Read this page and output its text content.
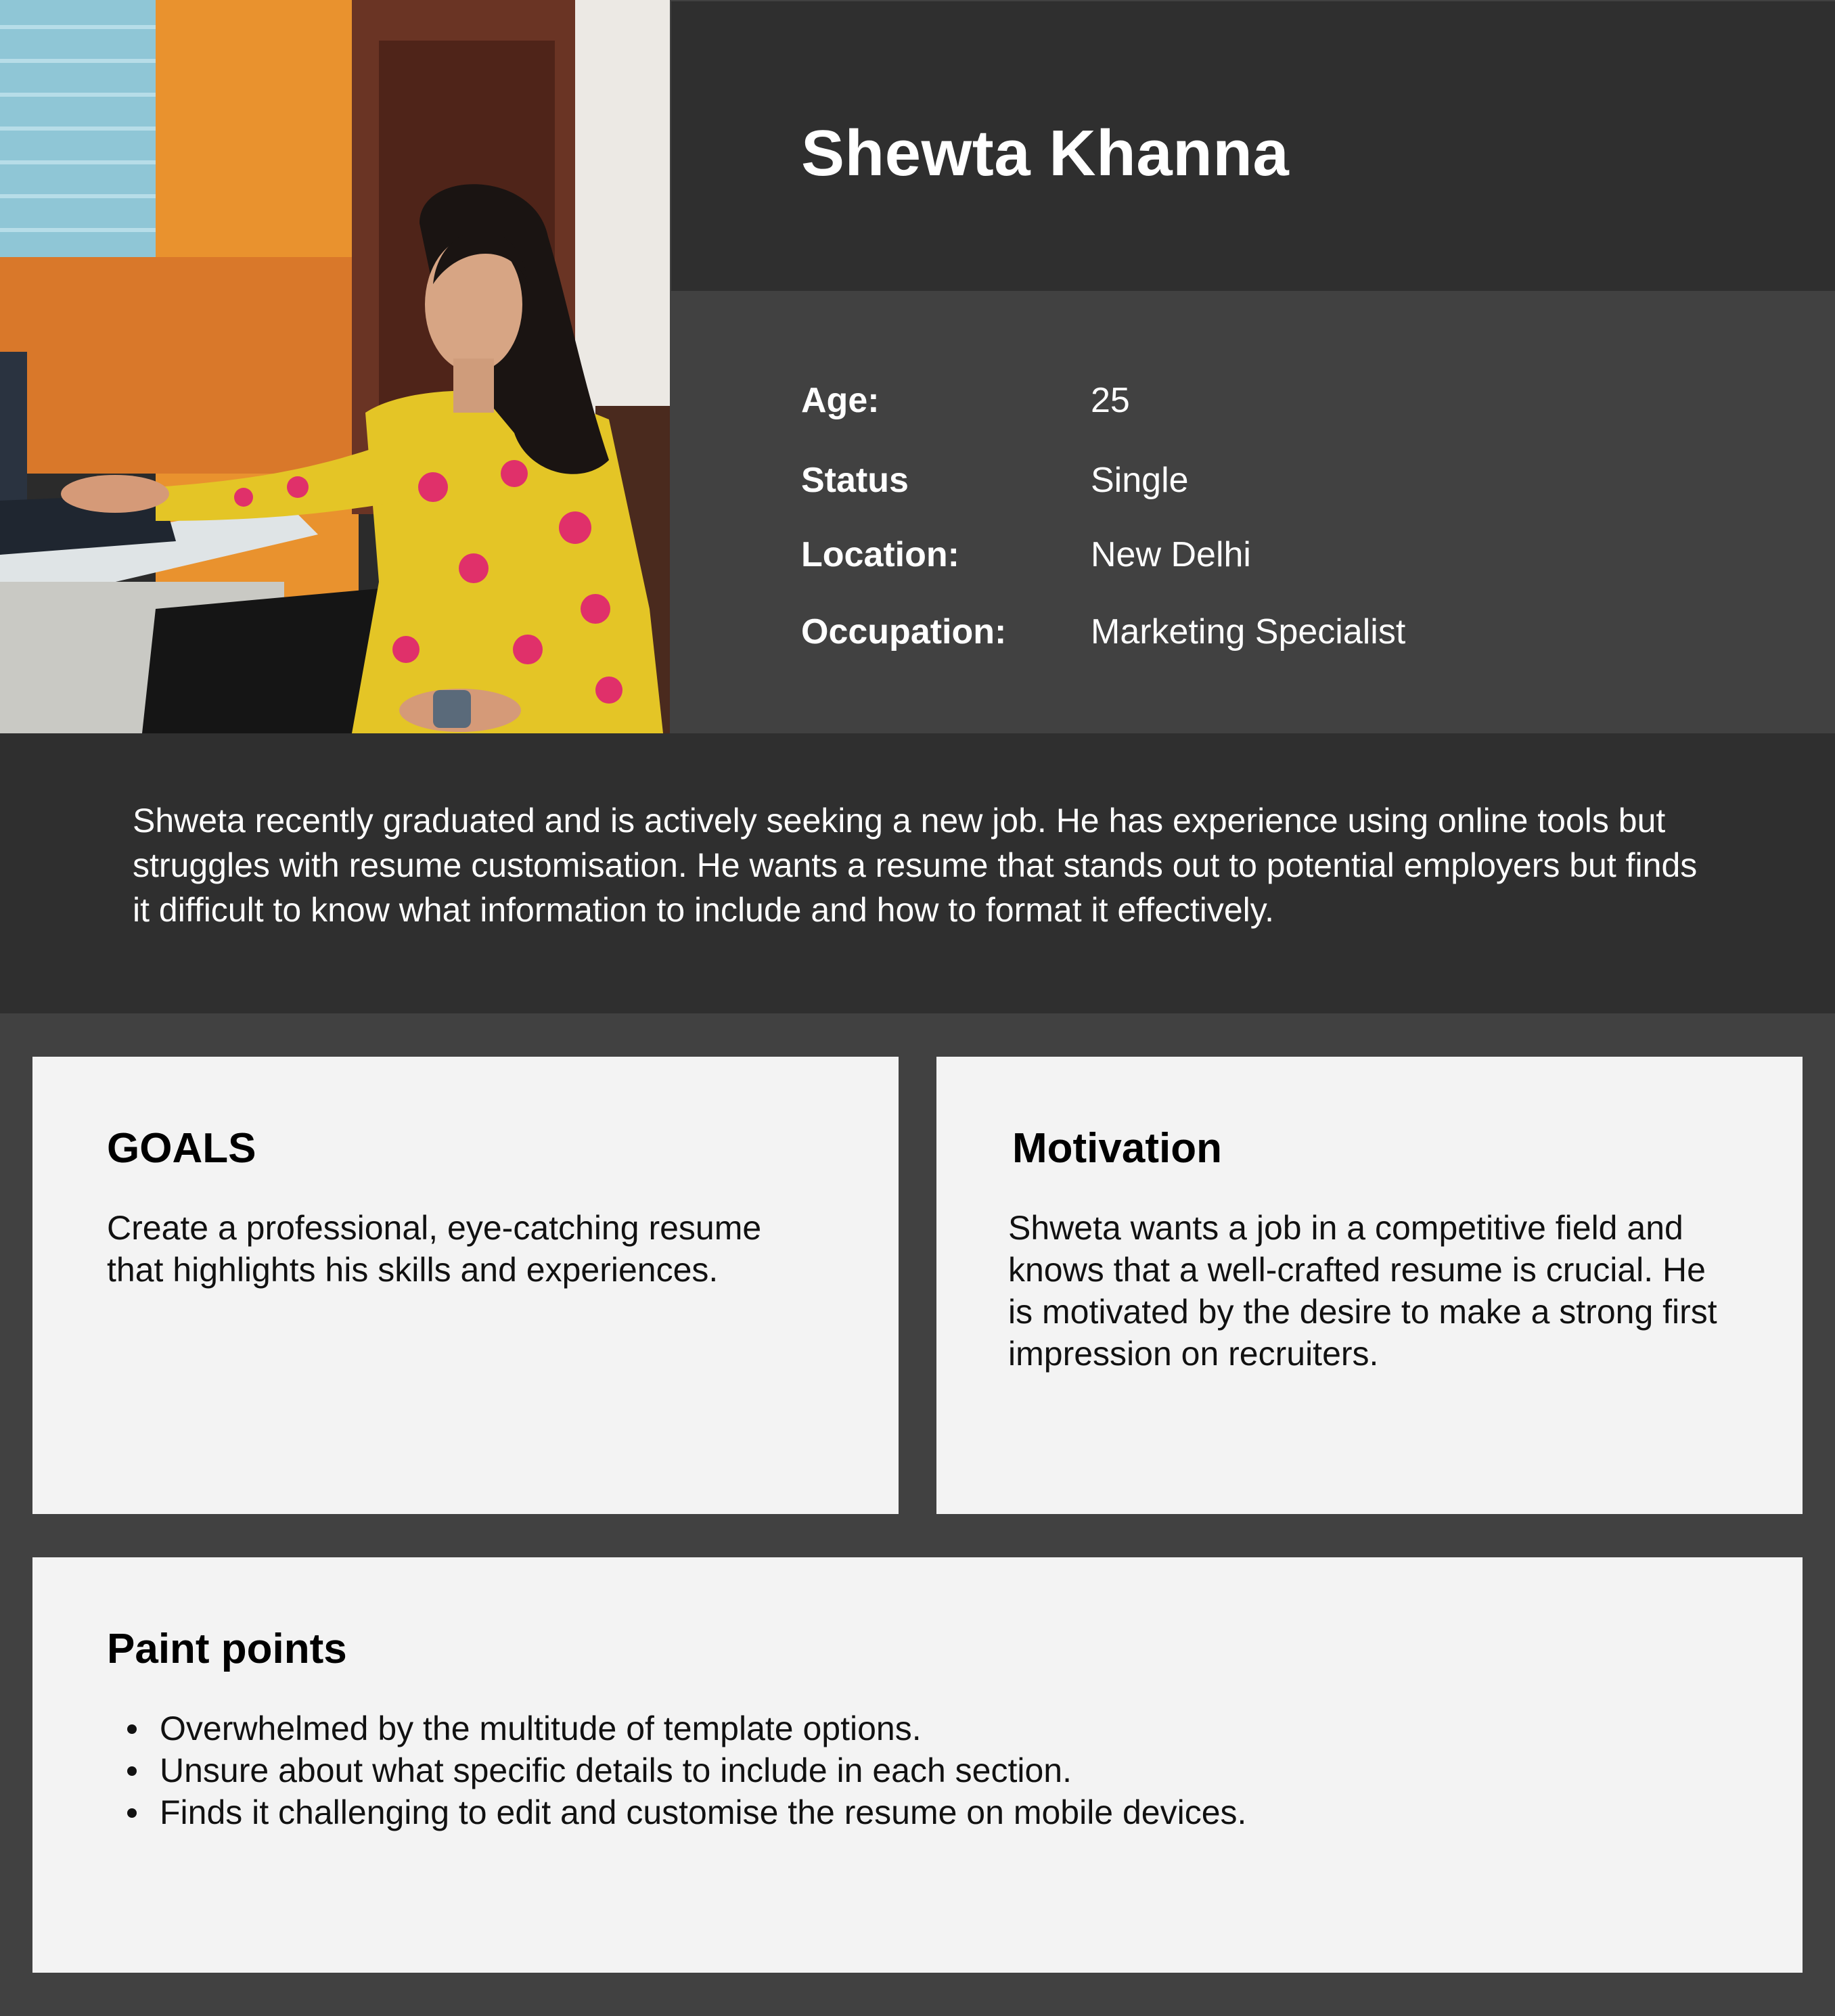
Shewta Khanna
Age:	25
Status	Single
Location:	New Delhi
Occupation: Marketing Specialist

Shweta recently graduated and is actively seeking a new job. He has experience using online tools but struggles with resume customisation. He wants a resume that stands out to potential employers but finds it difficult to know what information to include and how to format it effectively.

GOALS

Create a professional, eye-catching resume that highlights his skills and experiences.

Motivation

Shweta wants a job in a competitive field and knows that a well-crafted resume is crucial. He is motivated by the desire to make a strong first impression on recruiters.

Paint points
Overwhelmed by the multitude of template options.
Unsure about what specific details to include in each section.
Finds it challenging to edit and customise the resume on mobile devices.
